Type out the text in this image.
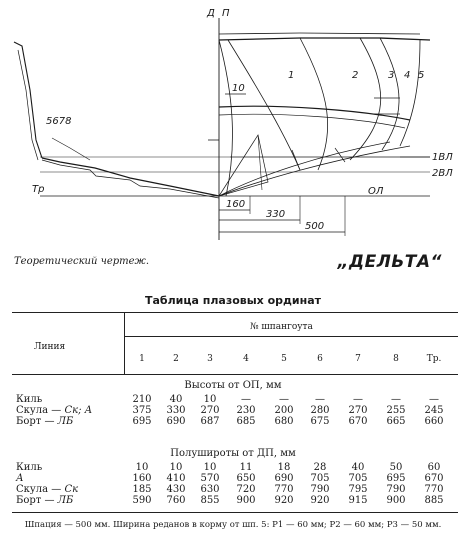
Д П
1	2	3 4 5
5678
Тр
10
1ВЛ
2ВЛ
ОЛ
160
330
500
Теоретический чертеж.	„ДЕЛЬТА“
Таблица плазовых ординат
Линия
№ шпангоута
1	2	3	4	5	6	7	8	Тр.
Высоты от ОП, мм
Киль	210	40	10	—	—	—	—	—	—
Скула — Ск; А	375	330	270	230	200	280	270	255	245
Борт — ЛБ	695	690	687	685	680	675	670	665	660
Полуширoты от ДП, мм
Киль	10	10	10	11	18	28	40	50	60
А	160	410	570	650	690	705	705	695	670
Скула — Ск	185	430	630	720	770	790	795	790	770
Борт — ЛБ	590	760	855	900	920	920	915	900	885
Шпация — 500 мм. Ширина реданов в корму от шп. 5: Р1 — 60 мм; Р2 — 60 мм; Р3 — 50 мм.
